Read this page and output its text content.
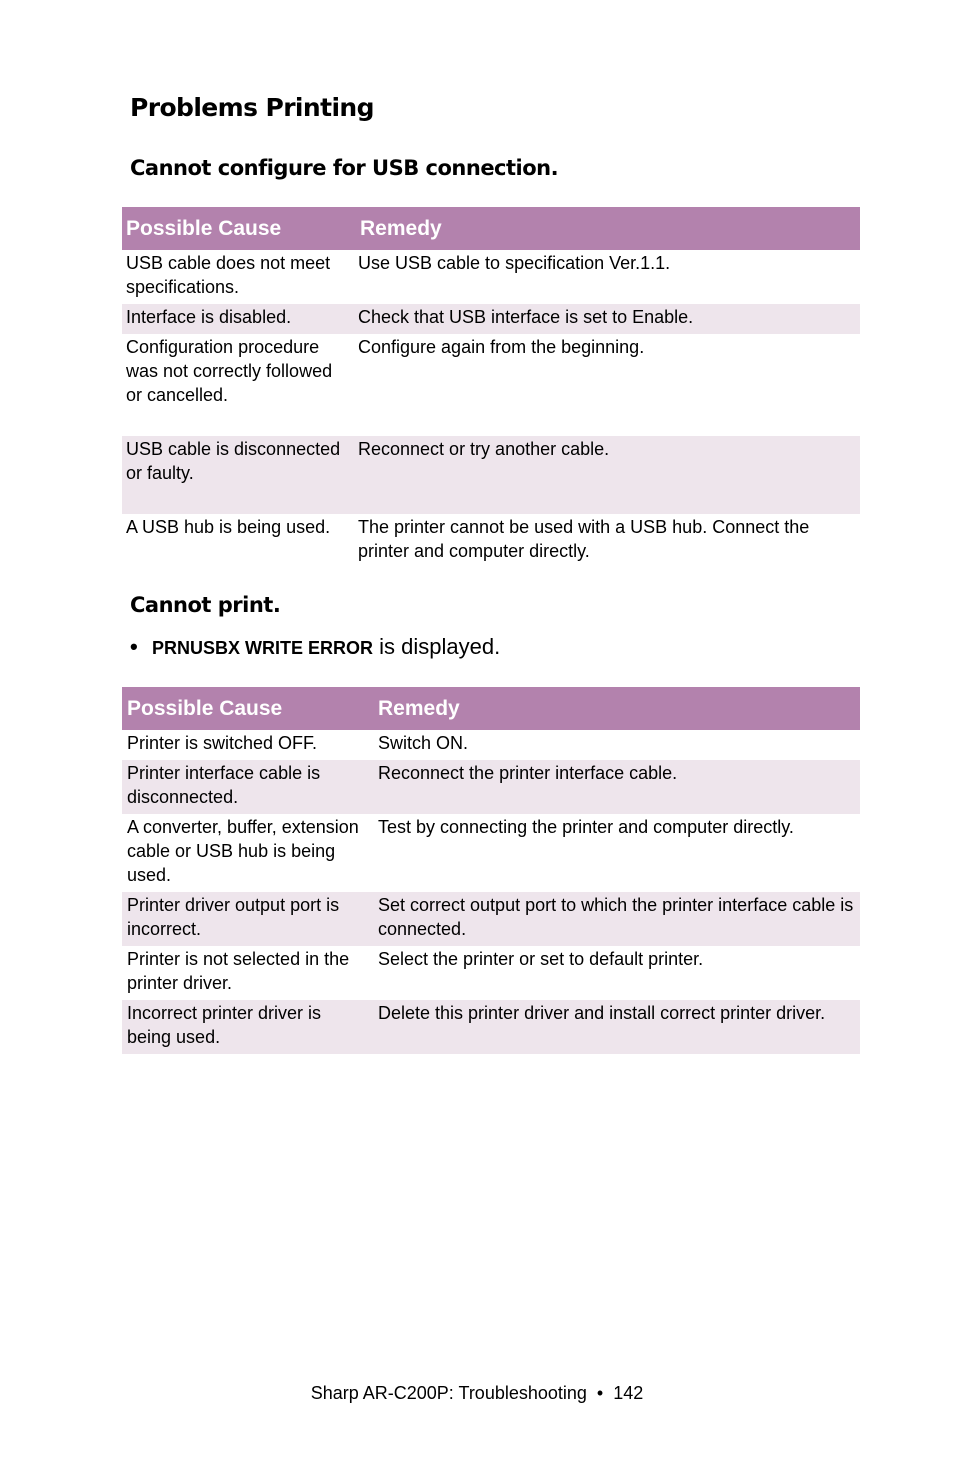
Problems Printing
Cannot configure for USB connection.
Possible Cause	Remedy
USB cable does not meet specifications.	Use USB cable to specification Ver.1.1.
Interface is disabled.	Check that USB interface is set to Enable.
Configuration procedure was not correctly followed or cancelled.	Configure again from the beginning.
USB cable is disconnected or faulty.	Reconnect or try another cable.
A USB hub is being used.	The printer cannot be used with a USB hub. Connect the printer and computer directly.
Cannot print.
• PRNUSBX WRITE ERROR is displayed.
Possible Cause	Remedy
Printer is switched OFF.	Switch ON.
Printer interface cable is disconnected.	Reconnect the printer interface cable.
A converter, buffer, extension cable or USB hub is being used.	Test by connecting the printer and computer directly.
Printer driver output port is incorrect.	Set correct output port to which the printer interface cable is connected.
Printer is not selected in the printer driver.	Select the printer or set to default printer.
Incorrect printer driver is being used.	Delete this printer driver and install correct printer driver.
Sharp AR-C200P: Troubleshooting  •  142
